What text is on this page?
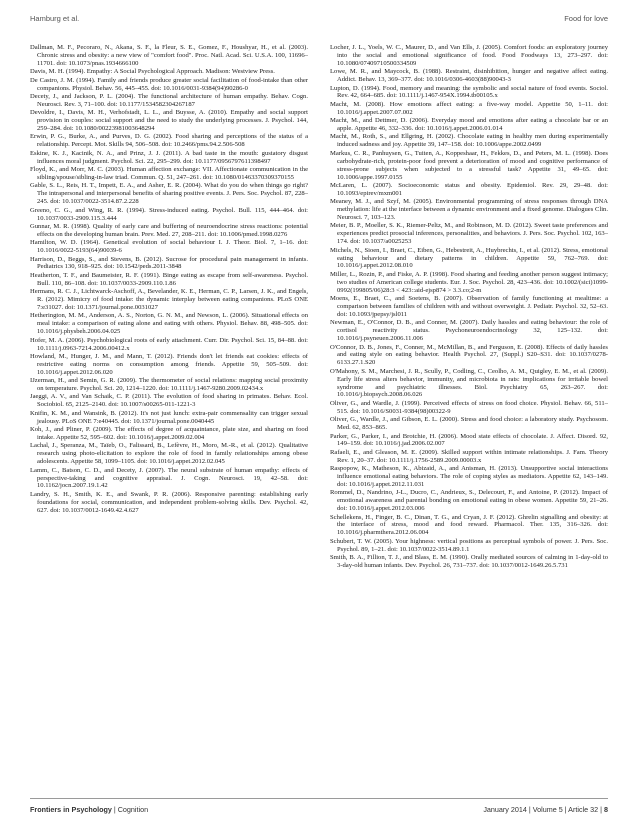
Hamburg et al.	Food for love

Dallman, M. F., Pecoraro, N., Akana, S. F., la Fleur, S. E., Gomez, F., Houshyar, H., et al. (2003). Chronic stress and obesity: a new view of "comfort food". Proc. Natl. Acad. Sci. U.S.A. 100, 11696–11701. doi: 10.1073/pnas.1934666100

Davis, M. H. (1994). Empathy: A Social Psychological Approach. Madison: Westview Press.

De Castro, J. M. (1994). Family and friends produce greater social facilitation of food-intake than other companions. Physiol. Behav. 56, 445–455. doi: 10.1016/0031-9384(94)90286-0

Decety, J., and Jackson, P. L. (2004). The functional architecture of human empathy. Behav. Cogn. Neurosci. Rev. 3, 71–100. doi: 10.1177/1534582304267187

Devoldre, I., Davis, M. H., Verhofstadt, L. L., and Buysse, A. (2010). Empathy and social support provision in couples: social support and the need to study the underlying processes. J. Psychol. 144, 259–284. doi: 10.1080/00223981003648294

Erwin, P. G., Burke, A., and Purves, D. G. (2002). Food sharing and perceptions of the status of a relationship. Percept. Mot. Skills 94, 506–508. doi: 10.2466/pms.94.2.506-508

Eskine, K. J., Kacinik, N. A., and Prinz, J. J. (2011). A bad taste in the mouth: gustatory disgust influences moral judgment. Psychol. Sci. 22, 295–299. doi: 10.1177/0956797611398497

Floyd, K., and Morr, M. C. (2003). Human affection exchange: VII. Affectionate communication in the sibling/spouse/sibling-in-law triad. Commun. Q. 51, 247–261. doi: 10.1080/01463370309370155

Gable, S. L., Reis, H. T., Impett, E. A., and Asher, E. R. (2004). What do you do when things go right? The intrapersonal and interpersonal benefits of sharing positive events. J. Pers. Soc. Psychol. 87, 228–245. doi: 10.1037/0022-3514.87.2.228

Greeno, C. G., and Wing, R. R. (1994). Stress-induced eating. Psychol. Bull. 115, 444–464. doi: 10.1037/0033-2909.115.3.444

Gunnar, M. R. (1998). Quality of early care and buffering of neuroendocrine stress reactions: potential effects on the developing human brain. Prev. Med. 27, 208–211. doi: 10.1006/pmed.1998.0276

Hamilton, W. D. (1964). Genetical evolution of social behaviour I. J. Theor. Biol. 7, 1–16. doi: 10.1016/0022-5193(64)90039-6

Harrison, D., Beggs, S., and Stevens, B. (2012). Sucrose for procedural pain management in infants. Pediatrics 130, 918–925. doi: 10.1542/peds.2011-3848

Heatherton, T. F., and Baumeister, R. F. (1991). Binge eating as escape from self-awareness. Psychol. Bull. 110, 86–108. doi: 10.1037/0033-2909.110.1.86

Hermans, R. C. J., Lichtwarck-Aschoff, A., Bevelander, K. E., Herman, C. P., Larsen, J. K., and Engels, R. (2012). Mimicry of food intake: the dynamic interplay between eating companions. PLoS ONE 7:e31027. doi: 10.1371/journal.pone.0031027

Hetherington, M. M., Anderson, A. S., Norton, G. N. M., and Newson, L. (2006). Situational effects on meal intake: a comparison of eating alone and eating with others. Physiol. Behav. 88, 498–505. doi: 10.1016/j.physbeh.2006.04.025

Hofer, M. A. (2006). Psychobiological roots of early attachment. Curr. Dir. Psychol. Sci. 15, 84–88. doi: 10.1111/j.0963-7214.2006.00412.x

Howland, M., Hunger, J. M., and Mann, T. (2012). Friends don't let friends eat cookies: effects of restrictive eating norms on consumption among friends. Appetite 59, 505–509. doi: 10.1016/j.appet.2012.06.020

IJzerman, H., and Semin, G. R. (2009). The thermometer of social relations: mapping social proximity on temperature. Psychol. Sci. 20, 1214–1220. doi: 10.1111/j.1467-9280.2009.02434.x

Jaeggi, A. V., and Van Schaik, C. P. (2011). The evolution of food sharing in primates. Behav. Ecol. Sociobiol. 65, 2125–2140. doi: 10.1007/s00265-011-1221-3

Knifin, K. M., and Wansink, B. (2012). It's not just lunch: extra-pair commensality can trigger sexual jealousy. PLoS ONE 7:e40445. doi: 10.1371/journal.pone.0040445

Koh, J., and Pliner, P. (2009). The effects of degree of acquaintance, plate size, and sharing on food intake. Appetite 52, 595–602. doi: 10.1016/j.appet.2009.02.004

Lachal, J., Speranza, M., Taïeb, O., Falissard, B., Lefèvre, H., Moro, M.-R., et al. (2012). Qualitative research using photo-elicitation to explore the role of food in family relationships among obese adolescents. Appetite 58, 1099–1105. doi: 10.1016/j.appet.2012.02.045

Lamm, C., Batson, C. D., and Decety, J. (2007). The neural substrate of human empathy: effects of perspective-taking and cognitive appraisal. J. Cogn. Neurosci. 19, 42–58. doi: 10.1162/jocn.2007.19.1.42

Landry, S. H., Smith, K. E., and Swank, P. R. (2006). Responsive parenting: establishing early foundations for social, communication, and independent problem-solving skills. Dev. Psychol. 42, 627. doi: 10.1037/0012-1649.42.4.627

Locher, J. L., Yoels, W. C., Maurer, D., and Van Ells, J. (2005). Comfort foods: an exploratory journey into the social and emotional significance of food. Food Foodways 13, 273–297. doi: 10.1080/07409710500334509

Lowe, M. R., and Maycock, B. (1988). Restraint, disinhibition, hunger and negative affect eating. Addict. Behav. 13, 369–377. doi: 10.1016/0306-4603(88)90043-3

Lupton, D. (1994). Food, memory and meaning: the symbolic and social nature of food events. Sociol. Rev. 42, 664–685. doi: 10.1111/j.1467-954X.1994.tb00105.x

Macht, M. (2008). How emotions affect eating: a five-way model. Appetite 50, 1–11. doi: 10.1016/j.appet.2007.07.002

Macht, M., and Dettmer, D. (2006). Everyday mood and emotions after eating a chocolate bar or an apple. Appetite 46, 332–336. doi: 10.1016/j.appet.2006.01.014

Macht, M., Roth, S., and Ellgring, H. (2002). Chocolate eating in healthy men during experimentally induced sadness and joy. Appetite 39, 147–158. doi: 10.1006/appe.2002.0499

Markus, C. R., Panhuysen, G., Tuiten, A., Koppeshaar, H., Fekkes, D., and Peters, M. L. (1998). Does carbohydrate-rich, protein-poor food prevent a deterioration of mood and cognitive performance of stress-prone subjects when subjected to a stressful task? Appetite 31, 49–65. doi: 10.1006/appe.1997.0155

McLaren, L. (2007). Socioeconomic status and obesity. Epidemiol. Rev. 29, 29–48. doi: 10.1093/epirev/mxm001

Meaney, M. J., and Szyf, M. (2005). Environmental programming of stress responses through DNA methylation: life at the interface between a dynamic environment and a fixed genome. Dialogues Clin. Neurosci. 7, 103–123.

Meier, B. P., Moeller, S. K., Riemer-Peltz, M., and Robinson, M. D. (2012). Sweet taste preferences and experiences predict prosocial inferences, personalities, and behaviors. J. Pers. Soc. Psychol. 102, 163–174. doi: 10.1037/a0025253

Michels, N., Sioen, I., Braet, C., Eiben, G., Hebestreit, A., Huybrechts, I., et al. (2012). Stress, emotional eating behaviour and dietary patterns in children. Appetite 59, 762–769. doi: 10.1016/j.appet.2012.08.010

Miller, L., Rozin, P., and Fiske, A. P. (1998). Food sharing and feeding another person suggest intimacy; two studies of American college students. Eur. J. Soc. Psychol. 28, 423–436. doi: 10.1002/(sici)1099-0992(199805/06)28:3 < 423::aid-ejsp874 > 3.3.co;2-m

Moens, E., Braet, C., and Soetens, B. (2007). Observation of family functioning at mealtime: a comparison between families of children with and without overweight. J. Pediatr. Psychol. 32, 52–63. doi: 10.1093/jpepsy/jsl011

Newman, E., O'Connor, D. B., and Conner, M. (2007). Daily hassles and eating behaviour: the role of cortisol reactivity status. Psychoneuroendocrinology 32, 125–132. doi: 10.1016/j.psyneuen.2006.11.006

O'Connor, D. B., Jones, F., Conner, M., McMillan, B., and Ferguson, E. (2008). Effects of daily hassles and eating style on eating behavior. Health Psychol. 27, (Suppl.) S20–S31. doi: 10.1037/0278-6133.27.1.S20

O'Mahony, S. M., Marchesi, J. R., Scully, P., Codling, C., Ceolho, A. M., Quigley, E. M., et al. (2009). Early life stress alters behavior, immunity, and microbiota in rats: implications for irritable bowel syndrome and psychiatric illnesses. Biol. Psychiatry 65, 263–267. doi: 10.1016/j.biopsych.2008.06.026

Oliver, G., and Wardle, J. (1999). Perceived effects of stress on food choice. Physiol. Behav. 66, 511–515. doi: 10.1016/S0031-9384(98)00322-9

Oliver, G., Wardle, J., and Gibson, E. L. (2000). Stress and food choice: a laboratory study. Psychosom. Med. 62, 853–865.

Parker, G., Parker, I., and Brotchie, H. (2006). Mood state effects of chocolate. J. Affect. Disord. 92, 149–159. doi: 10.1016/j.jad.2006.02.007

Rafaeli, E., and Gleason, M. E. (2009). Skilled support within intimate relationships. J. Fam. Theory Rev. 1, 20–37. doi: 10.1111/j.1756-2589.2009.00003.x

Raspopow, K., Matheson, K., Abizaid, A., and Anisman, H. (2013). Unsupportive social interactions influence emotional eating behaviors. The role of coping styles as mediators. Appetite 62, 143–149. doi: 10.1016/j.appet.2012.11.031

Rommel, D., Nandrino, J-L., Ducro, C., Andrieux, S., Delecourt, F., and Antoine, P. (2012). Impact of emotional awareness and parental bonding on emotional eating in obese women. Appetite 59, 21–26. doi: 10.1016/j.appet.2012.03.006

Schellekens, H., Finger, B. C., Dinan, T. G., and Cryan, J. F. (2012). Ghrelin signalling and obesity: at the interface of stress, mood and food reward. Pharmacol. Ther. 135, 316–326. doi: 10.1016/j.pharmthera.2012.06.004

Schubert, T. W. (2005). Your highness: vertical positions as perceptual symbols of power. J. Pers. Soc. Psychol. 89, 1–21. doi: 10.1037/0022-3514.89.1.1

Smith, B. A., Fillion, T. J., and Blass, E. M. (1990). Orally mediated sources of calming in 1-day-old to 3-day-old human infants. Dev. Psychol. 26, 731–737. doi: 10.1037/0012-1649.26.5.731

Frontiers in Psychology | Cognition	January 2014 | Volume 5 | Article 32 | 8
